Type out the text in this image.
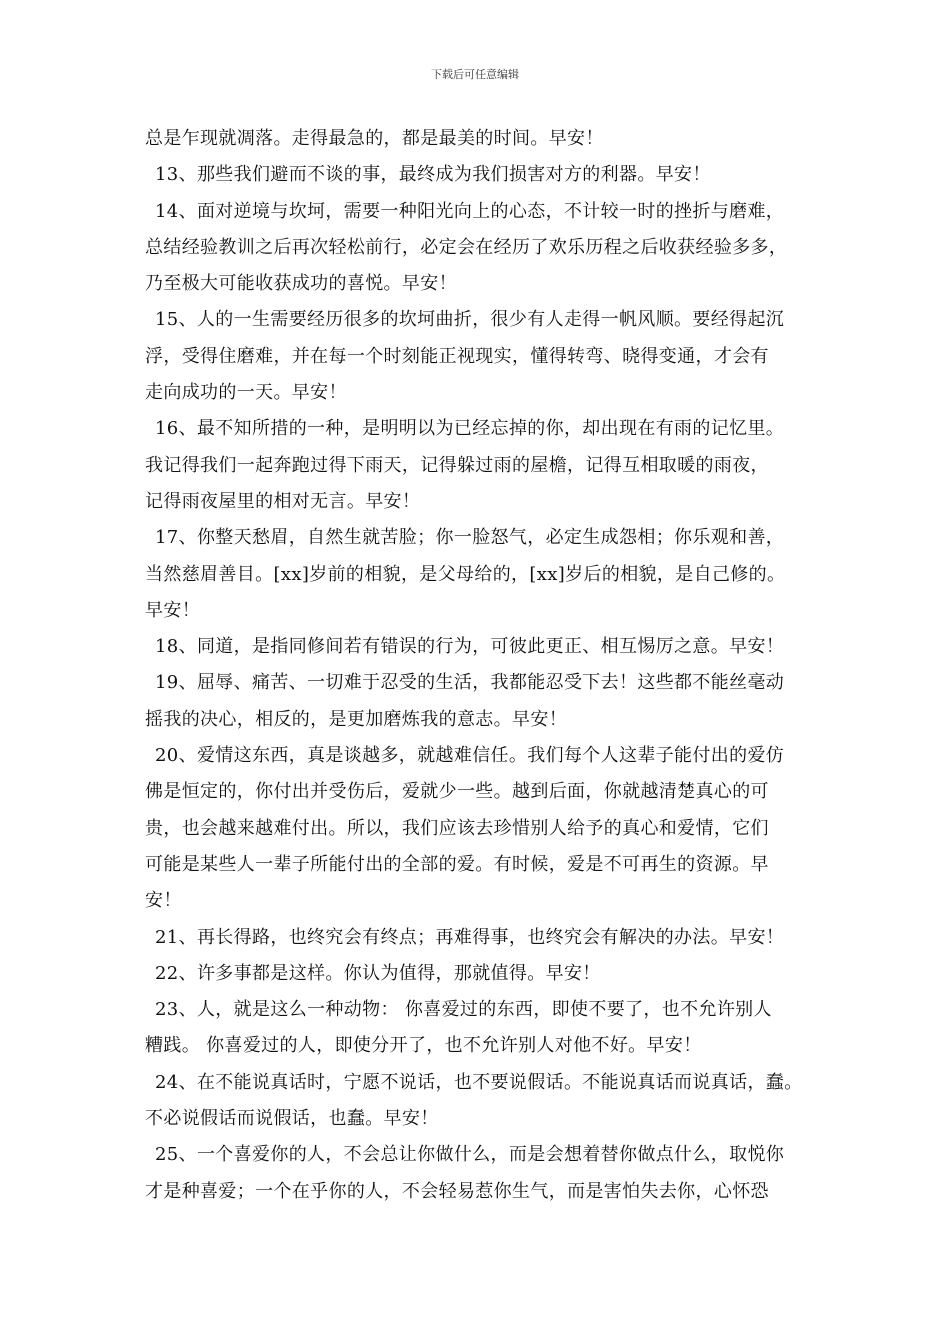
下载后可任意编辑
总是乍现就凋落。走得最急的，都是最美的时间。早安！
13、那些我们避而不谈的事，最终成为我们损害对方的利器。早安！
14、面对逆境与坎坷，需要一种阳光向上的心态，不计较一时的挫折与磨难，
总结经验教训之后再次轻松前行，必定会在经历了欢乐历程之后收获经验多多，
乃至极大可能收获成功的喜悦。早安！
15、人的一生需要经历很多的坎坷曲折，很少有人走得一帆风顺。要经得起沉
浮，受得住磨难，并在每一个时刻能正视现实，懂得转弯、晓得变通，才会有
走向成功的一天。早安！
16、最不知所措的一种，是明明以为已经忘掉的你，却出现在有雨的记忆里。
我记得我们一起奔跑过得下雨天，记得躲过雨的屋檐，记得互相取暖的雨夜，
记得雨夜屋里的相对无言。早安！
17、你整天愁眉，自然生就苦脸；你一脸怒气，必定生成怨相；你乐观和善，
当然慈眉善目。[xx]岁前的相貌，是父母给的，[xx]岁后的相貌，是自己修的。
早安！
18、同道，是指同修间若有错误的行为，可彼此更正、相互惕厉之意。早安！
19、屈辱、痛苦、一切难于忍受的生活，我都能忍受下去！这些都不能丝毫动
摇我的决心，相反的，是更加磨炼我的意志。早安！
20、爱情这东西，真是谈越多，就越难信任。我们每个人这辈子能付出的爱仿
佛是恒定的，你付出并受伤后，爱就少一些。越到后面，你就越清楚真心的可
贵，也会越来越难付出。所以，我们应该去珍惜别人给予的真心和爱情，它们
可能是某些人一辈子所能付出的全部的爱。有时候，爱是不可再生的资源。早
安！
21、再长得路，也终究会有终点；再难得事，也终究会有解决的办法。早安！
22、许多事都是这样。你认为值得，那就值得。早安！
23、人，就是这么一种动物： 你喜爱过的东西，即使不要了，也不允许别人
糟践。 你喜爱过的人，即使分开了，也不允许别人对他不好。早安！
24、在不能说真话时，宁愿不说话，也不要说假话。不能说真话而说真话，蠢。
不必说假话而说假话，也蠢。早安！
25、一个喜爱你的人，不会总让你做什么，而是会想着替你做点什么，取悦你
才是种喜爱；一个在乎你的人，不会轻易惹你生气，而是害怕失去你，心怀恐
